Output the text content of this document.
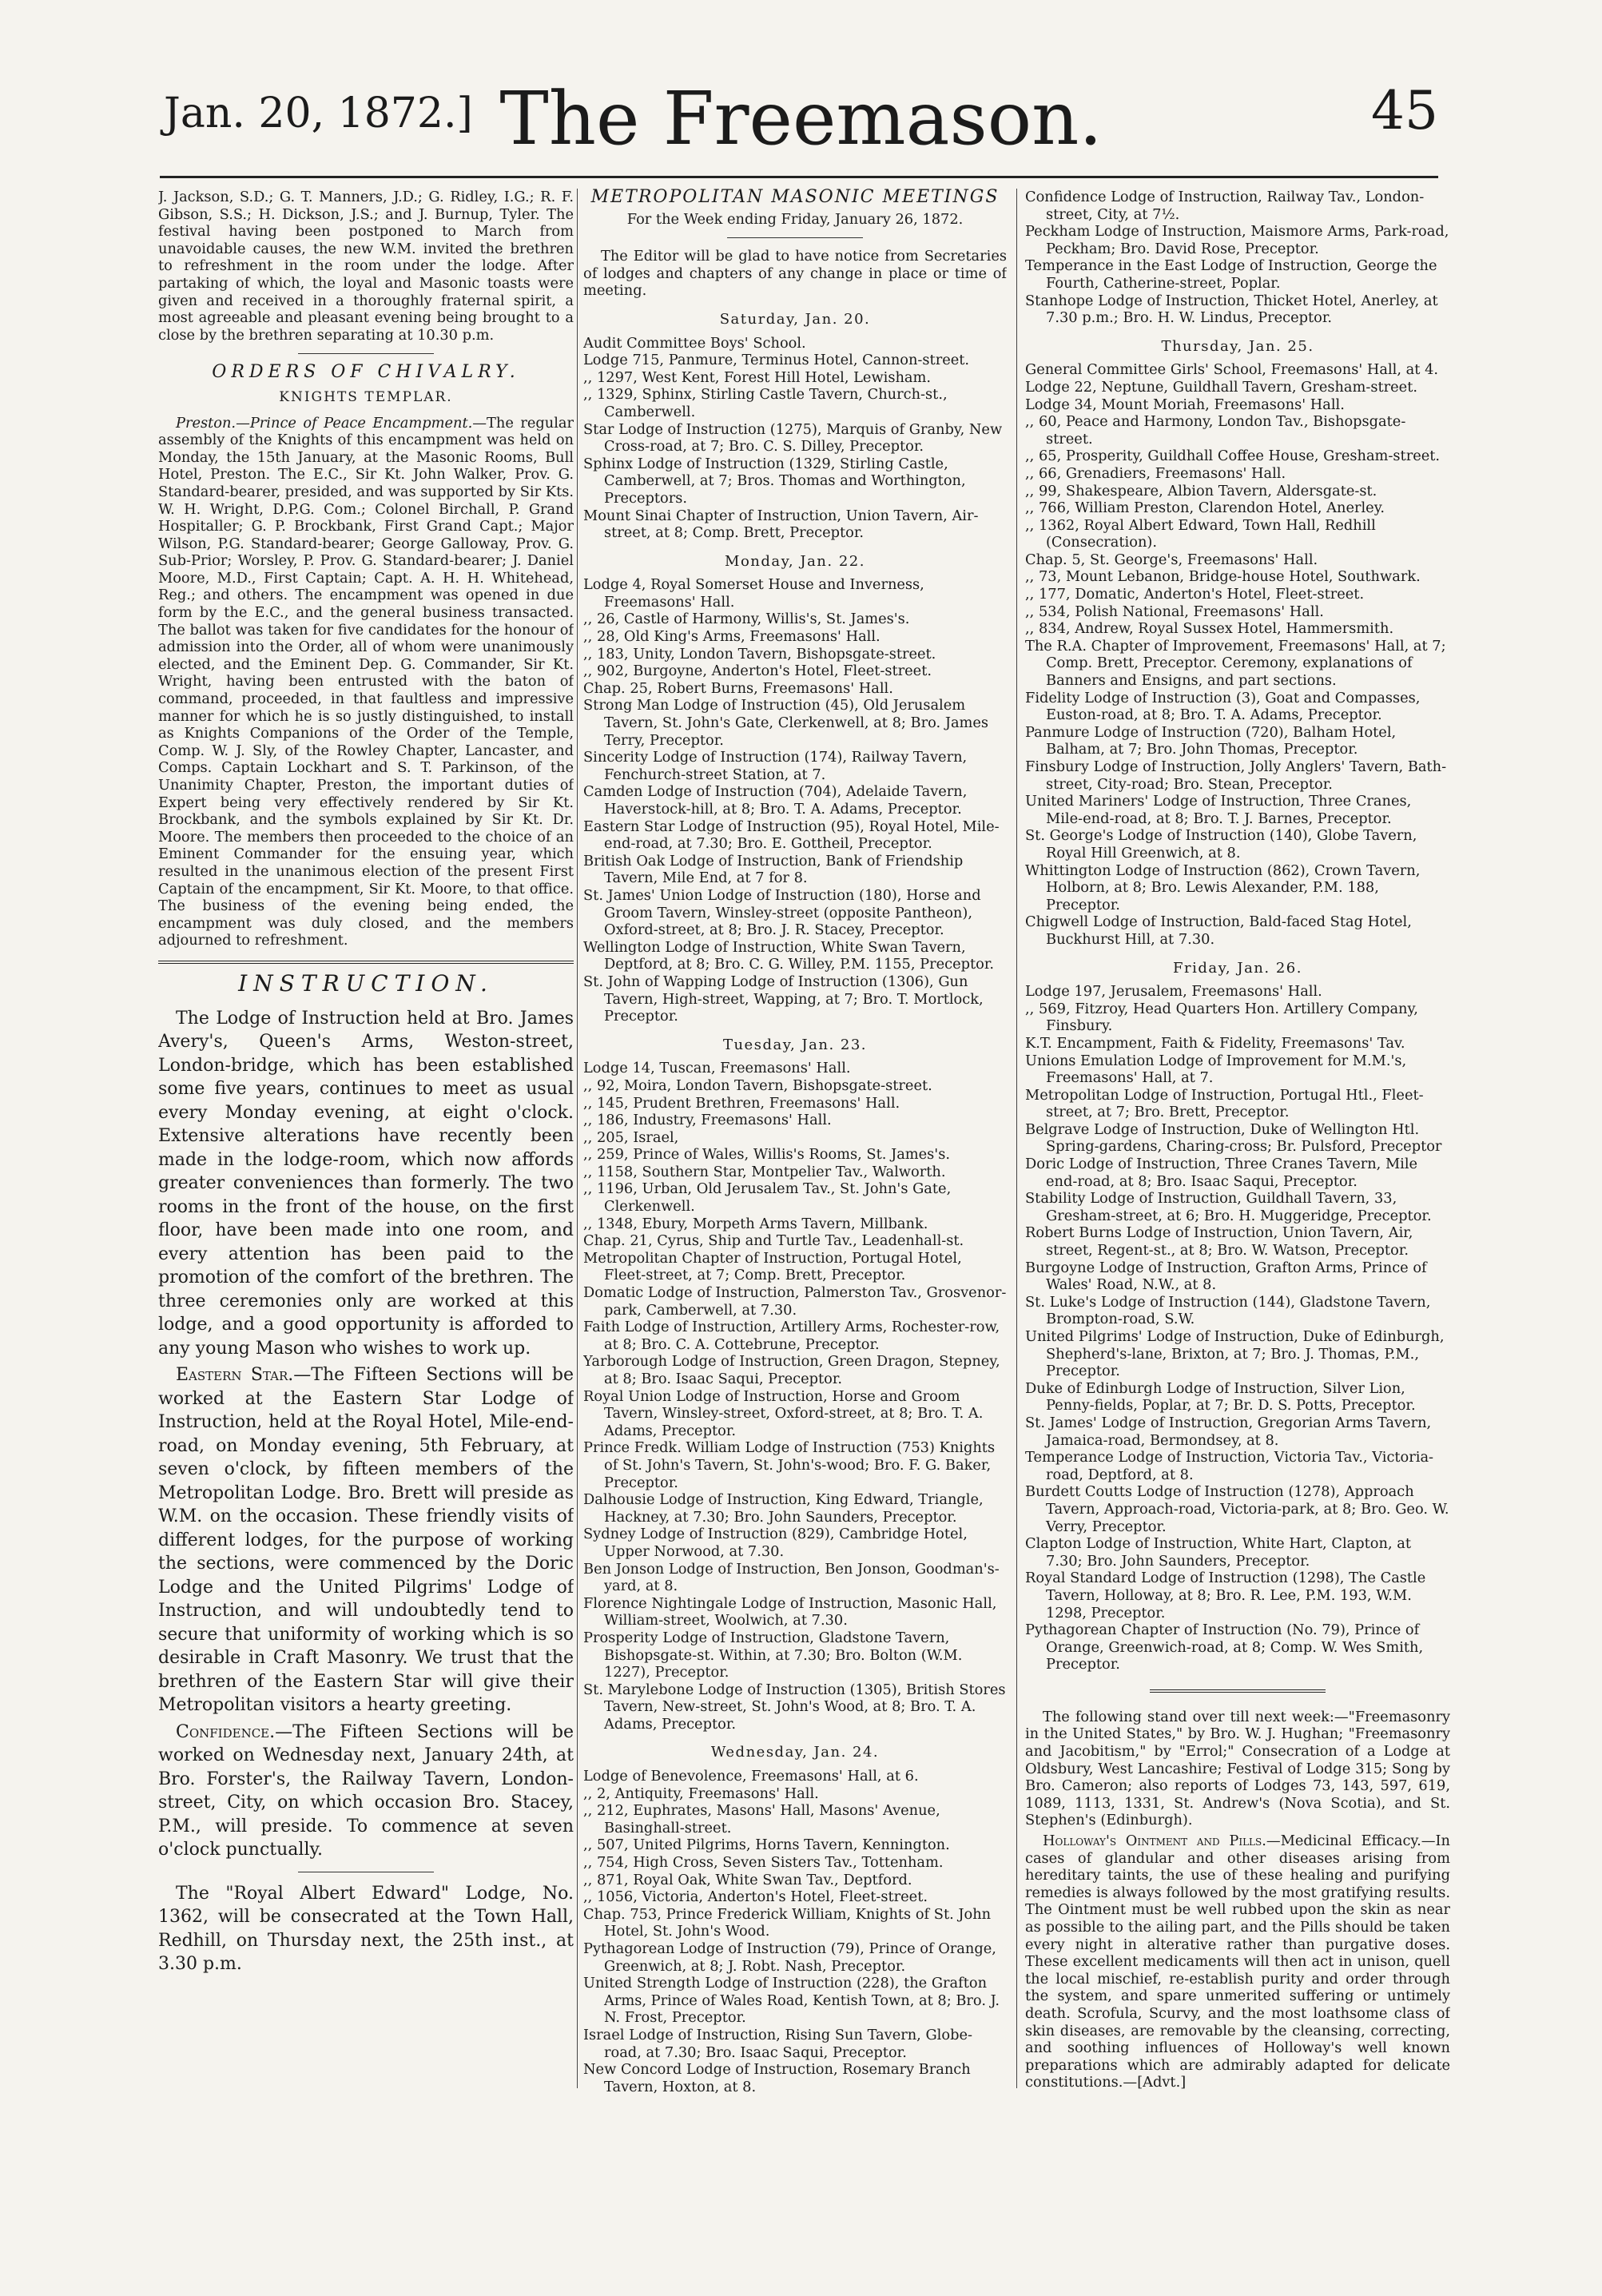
Jan. 20, 1872.] The Freemason.	45

J. Jackson, S.D.; G. T. Manners, J.D.; G. Ridley, I.G.; R. F. Gibson, S.S.; H. Dickson, J.S.; and J. Burnup, Tyler. The festival having been postponed to March from unavoidable causes, the new W.M. invited the brethren to refreshment in the room under the lodge. After partaking of which, the loyal and Masonic toasts were given and received in a thoroughly fraternal spirit, a most agreeable and pleasant evening being brought to a close by the brethren separating at 10.30 p.m.

ORDERS OF CHIVALRY.
KNIGHTS TEMPLAR.

Preston.—Prince of Peace Encampment.—The regular assembly of the Knights of this encampment was held on Monday, the 15th January, at the Masonic Rooms, Bull Hotel, Preston. The E.C., Sir Kt. John Walker, Prov. G. Standard-bearer, presided, and was supported by Sir Kts. W. H. Wright, D.P.G. Com.; Colonel Birchall, P. Grand Hospitaller; G. P. Brockbank, First Grand Capt.; Major Wilson, P.G. Standard-bearer; George Galloway, Prov. G. Sub-Prior; Worsley, P. Prov. G. Standard-bearer; J. Daniel Moore, M.D., First Captain; Capt. A. H. H. Whitehead, Reg.; and others. The encampment was opened in due form by the E.C., and the general business transacted. The ballot was taken for five candidates for the honour of admission into the Order, all of whom were unanimously elected, and the Eminent Dep. G. Commander, Sir Kt. Wright, having been entrusted with the baton of command, proceeded, in that faultless and impressive manner for which he is so justly distinguished, to install as Knights Companions of the Order of the Temple, Comp. W. J. Sly, of the Rowley Chapter, Lancaster, and Comps. Captain Lockhart and S. T. Parkinson, of the Unanimity Chapter, Preston, the important duties of Expert being very effectively rendered by Sir Kt. Brockbank, and the symbols explained by Sir Kt. Dr. Moore. The members then proceeded to the choice of an Eminent Commander for the ensuing year, which resulted in the unanimous election of the present First Captain of the encampment, Sir Kt. Moore, to that office. The business of the evening being ended, the encampment was duly closed, and the members adjourned to refreshment.

INSTRUCTION.

The Lodge of Instruction held at Bro. James Avery's, Queen's Arms, Weston-street, London-bridge, which has been established some five years, continues to meet as usual every Monday evening, at eight o'clock. Extensive alterations have recently been made in the lodge-room, which now affords greater conveniences than formerly. The two rooms in the front of the house, on the first floor, have been made into one room, and every attention has been paid to the promotion of the comfort of the brethren. The three ceremonies only are worked at this lodge, and a good opportunity is afforded to any young Mason who wishes to work up.

Eastern Star.—The Fifteen Sections will be worked at the Eastern Star Lodge of Instruction, held at the Royal Hotel, Mile-end-road, on Monday evening, 5th February, at seven o'clock, by fifteen members of the Metropolitan Lodge. Bro. Brett will preside as W.M. on the occasion. These friendly visits of different lodges, for the purpose of working the sections, were commenced by the Doric Lodge and the United Pilgrims' Lodge of Instruction, and will undoubtedly tend to secure that uniformity of working which is so desirable in Craft Masonry. We trust that the brethren of the Eastern Star will give their Metropolitan visitors a hearty greeting.

Confidence.—The Fifteen Sections will be worked on Wednesday next, January 24th, at Bro. Forster's, the Railway Tavern, London-street, City, on which occasion Bro. Stacey, P.M., will preside. To commence at seven o'clock punctually.

The "Royal Albert Edward" Lodge, No. 1362, will be consecrated at the Town Hall, Redhill, on Thursday next, the 25th inst., at 3.30 p.m.

METROPOLITAN MASONIC MEETINGS

For the Week ending Friday, January 26, 1872.

The Editor will be glad to have notice from Secretaries of lodges and chapters of any change in place or time of meeting.

Saturday, Jan. 20.

Audit Committee Boys' School.

Lodge 715, Panmure, Terminus Hotel, Cannon-street.

,, 1297, West Kent, Forest Hill Hotel, Lewisham.

,, 1329, Sphinx, Stirling Castle Tavern, Church-st., Camberwell.

Star Lodge of Instruction (1275), Marquis of Granby, New Cross-road, at 7; Bro. C. S. Dilley, Preceptor.

Sphinx Lodge of Instruction (1329, Stirling Castle, Camberwell, at 7; Bros. Thomas and Worthington, Preceptors.

Mount Sinai Chapter of Instruction, Union Tavern, Air-street, at 8; Comp. Brett, Preceptor.

Monday, Jan. 22.

Lodge 4, Royal Somerset House and Inverness, Freemasons' Hall.

,, 26, Castle of Harmony, Willis's, St. James's.

,, 28, Old King's Arms, Freemasons' Hall.

,, 183, Unity, London Tavern, Bishopsgate-street.

,, 902, Burgoyne, Anderton's Hotel, Fleet-street.

Chap. 25, Robert Burns, Freemasons' Hall.

Strong Man Lodge of Instruction (45), Old Jerusalem Tavern, St. John's Gate, Clerkenwell, at 8; Bro. James Terry, Preceptor.

Sincerity Lodge of Instruction (174), Railway Tavern, Fenchurch-street Station, at 7.

Camden Lodge of Instruction (704), Adelaide Tavern, Haverstock-hill, at 8; Bro. T. A. Adams, Preceptor.

Eastern Star Lodge of Instruction (95), Royal Hotel, Mile-end-road, at 7.30; Bro. E. Gottheil, Preceptor.

British Oak Lodge of Instruction, Bank of Friendship Tavern, Mile End, at 7 for 8.

St. James' Union Lodge of Instruction (180), Horse and Groom Tavern, Winsley-street (opposite Pantheon), Oxford-street, at 8; Bro. J. R. Stacey, Preceptor.

Wellington Lodge of Instruction, White Swan Tavern, Deptford, at 8; Bro. C. G. Willey, P.M. 1155, Preceptor.

St. John of Wapping Lodge of Instruction (1306), Gun Tavern, High-street, Wapping, at 7; Bro. T. Mortlock, Preceptor.

Tuesday, Jan. 23.

Lodge 14, Tuscan, Freemasons' Hall.

,, 92, Moira, London Tavern, Bishopsgate-street.

,, 145, Prudent Brethren, Freemasons' Hall.

,, 186, Industry, Freemasons' Hall.

,, 205, Israel,

,, 259, Prince of Wales, Willis's Rooms, St. James's.

,, 1158, Southern Star, Montpelier Tav., Walworth.

,, 1196, Urban, Old Jerusalem Tav., St. John's Gate, Clerkenwell.

,, 1348, Ebury, Morpeth Arms Tavern, Millbank.

Chap. 21, Cyrus, Ship and Turtle Tav., Leadenhall-st.

Metropolitan Chapter of Instruction, Portugal Hotel, Fleet-street, at 7; Comp. Brett, Preceptor.

Domatic Lodge of Instruction, Palmerston Tav., Grosvenor-park, Camberwell, at 7.30.

Faith Lodge of Instruction, Artillery Arms, Rochester-row, at 8; Bro. C. A. Cottebrune, Preceptor.

Yarborough Lodge of Instruction, Green Dragon, Stepney, at 8; Bro. Isaac Saqui, Preceptor.

Royal Union Lodge of Instruction, Horse and Groom Tavern, Winsley-street, Oxford-street, at 8; Bro. T. A. Adams, Preceptor.

Prince Fredk. William Lodge of Instruction (753) Knights of St. John's Tavern, St. John's-wood; Bro. F. G. Baker, Preceptor.

Dalhousie Lodge of Instruction, King Edward, Triangle, Hackney, at 7.30; Bro. John Saunders, Preceptor.

Sydney Lodge of Instruction (829), Cambridge Hotel, Upper Norwood, at 7.30.

Ben Jonson Lodge of Instruction, Ben Jonson, Goodman's-yard, at 8.

Florence Nightingale Lodge of Instruction, Masonic Hall, William-street, Woolwich, at 7.30.

Prosperity Lodge of Instruction, Gladstone Tavern, Bishopsgate-st. Within, at 7.30; Bro. Bolton (W.M. 1227), Preceptor.

St. Marylebone Lodge of Instruction (1305), British Stores Tavern, New-street, St. John's Wood, at 8; Bro. T. A. Adams, Preceptor.

Wednesday, Jan. 24.

Lodge of Benevolence, Freemasons' Hall, at 6.

,, 2, Antiquity, Freemasons' Hall.

,, 212, Euphrates, Masons' Hall, Masons' Avenue, Basinghall-street.

,, 507, United Pilgrims, Horns Tavern, Kennington.

,, 754, High Cross, Seven Sisters Tav., Tottenham.

,, 871, Royal Oak, White Swan Tav., Deptford.

,, 1056, Victoria, Anderton's Hotel, Fleet-street.

Chap. 753, Prince Frederick William, Knights of St. John Hotel, St. John's Wood.

Pythagorean Lodge of Instruction (79), Prince of Orange, Greenwich, at 8; J. Robt. Nash, Preceptor.

United Strength Lodge of Instruction (228), the Grafton Arms, Prince of Wales Road, Kentish Town, at 8; Bro. J. N. Frost, Preceptor.

Israel Lodge of Instruction, Rising Sun Tavern, Globe-road, at 7.30; Bro. Isaac Saqui, Preceptor.

New Concord Lodge of Instruction, Rosemary Branch Tavern, Hoxton, at 8.

Confidence Lodge of Instruction, Railway Tav., London-street, City, at 7½.

Peckham Lodge of Instruction, Maismore Arms, Park-road, Peckham; Bro. David Rose, Preceptor.

Temperance in the East Lodge of Instruction, George the Fourth, Catherine-street, Poplar.

Stanhope Lodge of Instruction, Thicket Hotel, Anerley, at 7.30 p.m.; Bro. H. W. Lindus, Preceptor.

Thursday, Jan. 25.

General Committee Girls' School, Freemasons' Hall, at 4.

Lodge 22, Neptune, Guildhall Tavern, Gresham-street.

Lodge 34, Mount Moriah, Freemasons' Hall.

,, 60, Peace and Harmony, London Tav., Bishopsgate-street.

,, 65, Prosperity, Guildhall Coffee House, Gresham-street.

,, 66, Grenadiers, Freemasons' Hall.

,, 99, Shakespeare, Albion Tavern, Aldersgate-st.

,, 766, William Preston, Clarendon Hotel, Anerley.

,, 1362, Royal Albert Edward, Town Hall, Redhill (Consecration).

Chap. 5, St. George's, Freemasons' Hall.

,, 73, Mount Lebanon, Bridge-house Hotel, Southwark.

,, 177, Domatic, Anderton's Hotel, Fleet-street.

,, 534, Polish National, Freemasons' Hall.

,, 834, Andrew, Royal Sussex Hotel, Hammersmith.

The R.A. Chapter of Improvement, Freemasons' Hall, at 7; Comp. Brett, Preceptor. Ceremony, explanations of Banners and Ensigns, and part sections.

Fidelity Lodge of Instruction (3), Goat and Compasses, Euston-road, at 8; Bro. T. A. Adams, Preceptor.

Panmure Lodge of Instruction (720), Balham Hotel, Balham, at 7; Bro. John Thomas, Preceptor.

Finsbury Lodge of Instruction, Jolly Anglers' Tavern, Bath-street, City-road; Bro. Stean, Preceptor.

United Mariners' Lodge of Instruction, Three Cranes, Mile-end-road, at 8; Bro. T. J. Barnes, Preceptor.

St. George's Lodge of Instruction (140), Globe Tavern, Royal Hill Greenwich, at 8.

Whittington Lodge of Instruction (862), Crown Tavern, Holborn, at 8; Bro. Lewis Alexander, P.M. 188, Preceptor.

Chigwell Lodge of Instruction, Bald-faced Stag Hotel, Buckhurst Hill, at 7.30.

Friday, Jan. 26.

Lodge 197, Jerusalem, Freemasons' Hall.

,, 569, Fitzroy, Head Quarters Hon. Artillery Company, Finsbury.

K.T. Encampment, Faith & Fidelity, Freemasons' Tav.

Unions Emulation Lodge of Improvement for M.M.'s, Freemasons' Hall, at 7.

Metropolitan Lodge of Instruction, Portugal Htl., Fleet-street, at 7; Bro. Brett, Preceptor.

Belgrave Lodge of Instruction, Duke of Wellington Htl. Spring-gardens, Charing-cross; Br. Pulsford, Preceptor

Doric Lodge of Instruction, Three Cranes Tavern, Mile end-road, at 8; Bro. Isaac Saqui, Preceptor.

Stability Lodge of Instruction, Guildhall Tavern, 33, Gresham-street, at 6; Bro. H. Muggeridge, Preceptor.

Robert Burns Lodge of Instruction, Union Tavern, Air, street, Regent-st., at 8; Bro. W. Watson, Preceptor.

Burgoyne Lodge of Instruction, Grafton Arms, Prince of Wales' Road, N.W., at 8.

St. Luke's Lodge of Instruction (144), Gladstone Tavern, Brompton-road, S.W.

United Pilgrims' Lodge of Instruction, Duke of Edinburgh, Shepherd's-lane, Brixton, at 7; Bro. J. Thomas, P.M., Preceptor.

Duke of Edinburgh Lodge of Instruction, Silver Lion, Penny-fields, Poplar, at 7; Br. D. S. Potts, Preceptor.

St. James' Lodge of Instruction, Gregorian Arms Tavern, Jamaica-road, Bermondsey, at 8.

Temperance Lodge of Instruction, Victoria Tav., Victoria-road, Deptford, at 8.

Burdett Coutts Lodge of Instruction (1278), Approach Tavern, Approach-road, Victoria-park, at 8; Bro. Geo. W. Verry, Preceptor.

Clapton Lodge of Instruction, White Hart, Clapton, at 7.30; Bro. John Saunders, Preceptor.

Royal Standard Lodge of Instruction (1298), The Castle Tavern, Holloway, at 8; Bro. R. Lee, P.M. 193, W.M. 1298, Preceptor.

Pythagorean Chapter of Instruction (No. 79), Prince of Orange, Greenwich-road, at 8; Comp. W. Wes Smith, Preceptor.

The following stand over till next week:—"Freemasonry in the United States," by Bro. W. J. Hughan; "Freemasonry and Jacobitism," by "Errol;" Consecration of a Lodge at Oldsbury, West Lancashire; Festival of Lodge 315; Song by Bro. Cameron; also reports of Lodges 73, 143, 597, 619, 1089, 1113, 1331, St. Andrew's (Nova Scotia), and St. Stephen's (Edinburgh).

Holloway's Ointment and Pills.—Medicinal Efficacy.—In cases of glandular and other diseases arising from hereditary taints, the use of these healing and purifying remedies is always followed by the most gratifying results. The Ointment must be well rubbed upon the skin as near as possible to the ailing part, and the Pills should be taken every night in alterative rather than purgative doses. These excellent medicaments will then act in unison, quell the local mischief, re-establish purity and order through the system, and spare unmerited suffering or untimely death. Scrofula, Scurvy, and the most loathsome class of skin diseases, are removable by the cleansing, correcting, and soothing influences of Holloway's well known preparations which are admirably adapted for delicate constitutions.—[Advt.]
